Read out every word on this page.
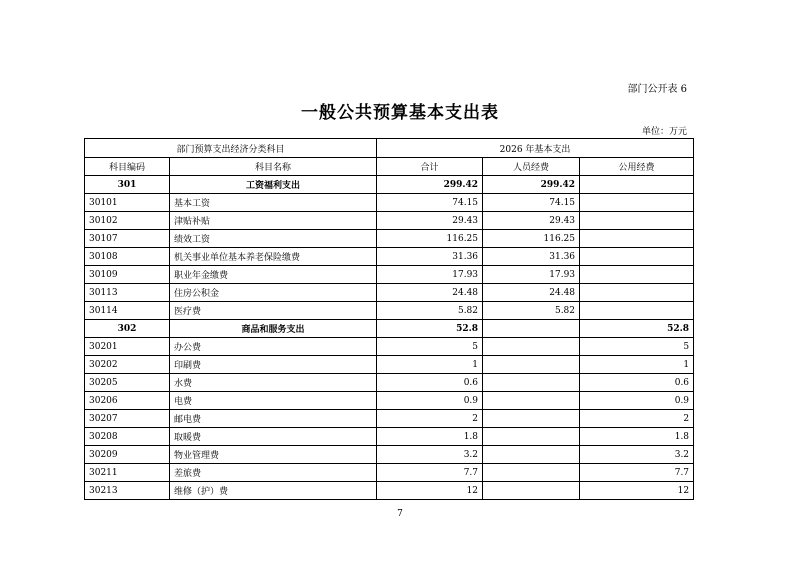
部门公开表 6
一般公共预算基本支出表
单位：万元
部门预算支出经济分类科目		2026 年基本支出		
科目编码	科目名称	合计	人员经费	公用经费
301	工资福利支出	299.42	299.42	
30101	基本工资	74.15	74.15	
30102	津贴补贴	29.43	29.43	
30107	绩效工资	116.25	116.25	
30108	机关事业单位基本养老保险缴费	31.36	31.36	
30109	职业年金缴费	17.93	17.93	
30113	住房公积金	24.48	24.48	
30114	医疗费	5.82	5.82	
302	商品和服务支出	52.8		52.8
30201	办公费	5		5
30202	印刷费	1		1
30205	水费	0.6		0.6
30206	电费	0.9		0.9
30207	邮电费	2		2
30208	取暖费	1.8		1.8
30209	物业管理费	3.2		3.2
30211	差旅费	7.7		7.7
30213	维修（护）费	12		12
7
